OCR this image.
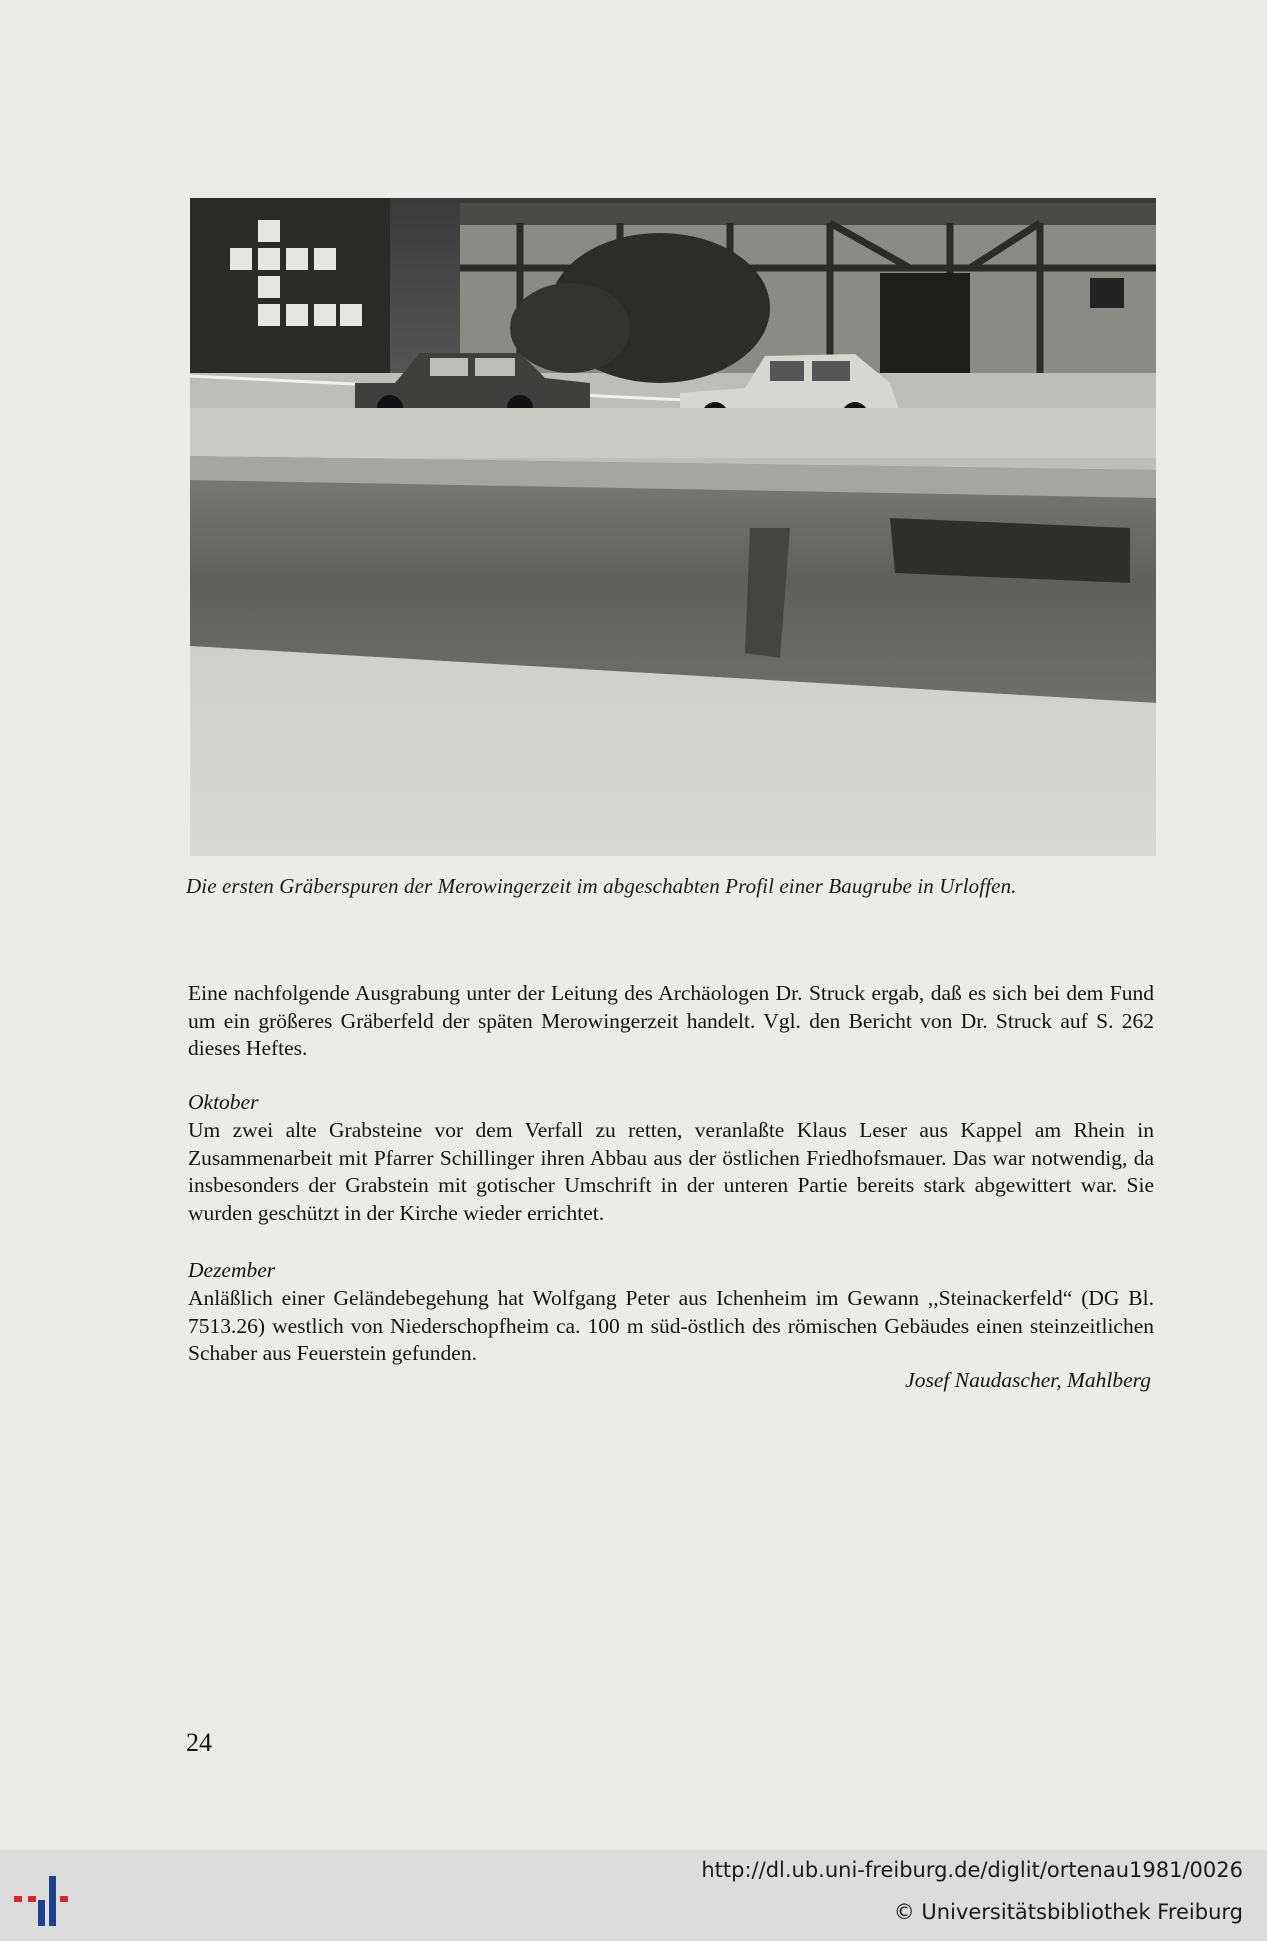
Die ersten Gräberspuren der Merowingerzeit im abgeschabten Profil einer Baugrube in Urloffen.

Eine nachfolgende Ausgrabung unter der Leitung des Archäologen Dr. Struck ergab, daß es sich bei dem Fund um ein größeres Gräberfeld der späten Merowingerzeit handelt. Vgl. den Bericht von Dr. Struck auf S. 262 dieses Heftes.

Oktober

Um zwei alte Grabsteine vor dem Verfall zu retten, veranlaßte Klaus Leser aus Kappel am Rhein in Zusammenarbeit mit Pfarrer Schillinger ihren Abbau aus der östlichen Friedhofsmauer. Das war notwendig, da insbesonders der Grabstein mit gotischer Umschrift in der unteren Partie bereits stark abgewittert war. Sie wurden geschützt in der Kirche wieder errichtet.

Dezember

Anläßlich einer Geländebegehung hat Wolfgang Peter aus Ichenheim im Gewann ,,Steinackerfeld“ (DG Bl. 7513.26) westlich von Niederschopfheim ca. 100 m süd-östlich des römischen Gebäudes einen steinzeitlichen Schaber aus Feuerstein gefunden.

Josef Naudascher, Mahlberg
24
http://dl.ub.uni-freiburg.de/diglit/ortenau1981/0026
© Universitätsbibliothek Freiburg
